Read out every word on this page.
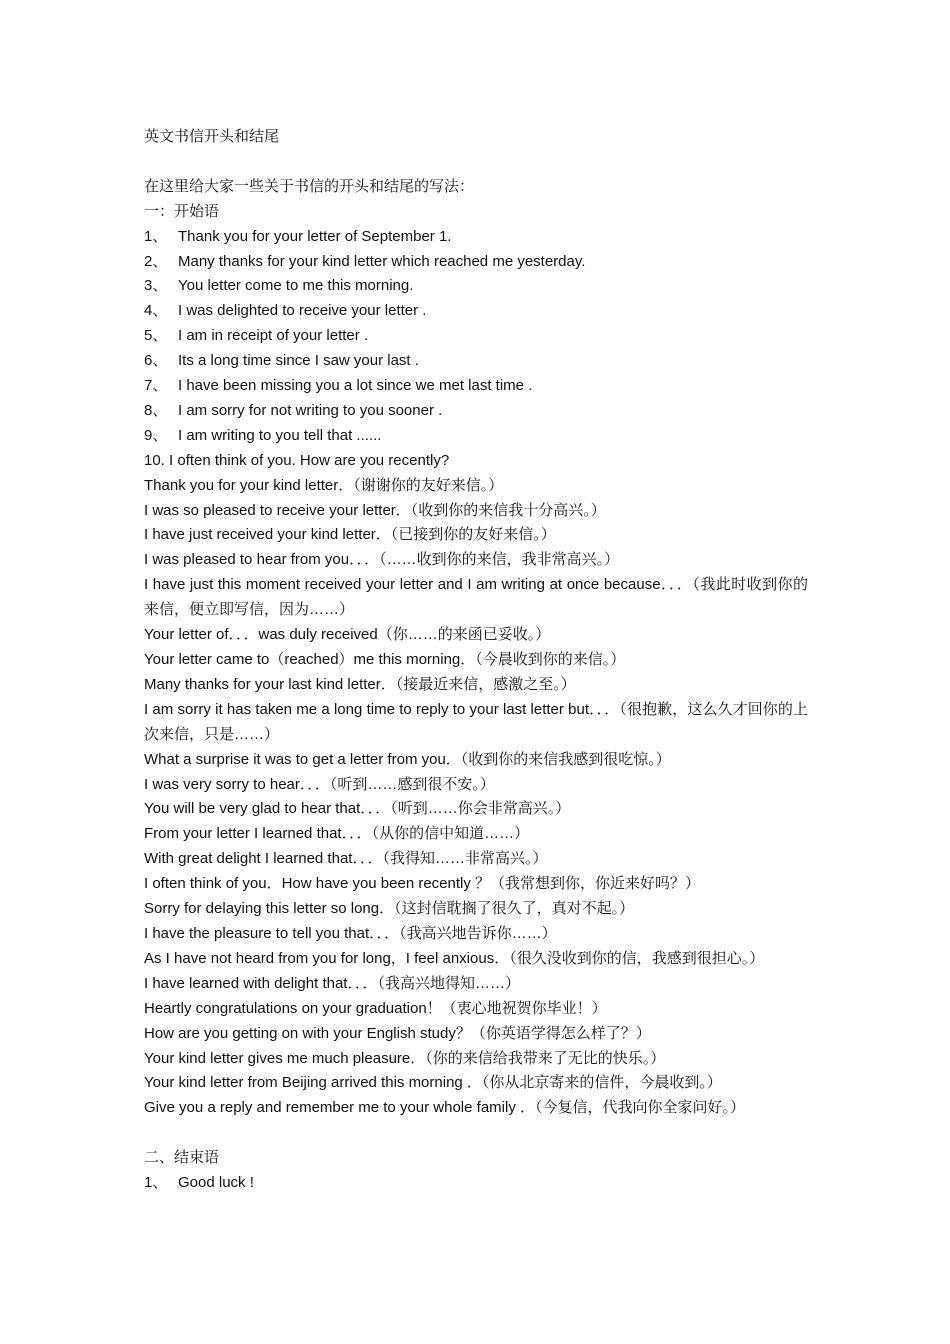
英文书信开头和结尾
在这里给大家一些关于书信的开头和结尾的写法：
一：开始语
1、 Thank you for your letter of September 1.
2、 Many thanks for your kind letter which reached me yesterday.
3、 You letter come to me this morning.
4、 I was delighted to receive your letter .
5、 I am in receipt of your letter .
6、 Its a long time since I saw your last .
7、 I have been missing you a lot since we met last time .
8、 I am sorry for not writing to you sooner .
9、 I am writing to you tell that ......
10. I often think of you. How are you recently?
Thank you for your kind letter．（谢谢你的友好来信。）
I was so pleased to receive your letter．（收到你的来信我十分高兴。）
I have just received your kind letter．（已接到你的友好来信。）
I was pleased to hear from you．．．（……收到你的来信，我非常高兴。）
I have just this moment received your letter and I am writing at once because．．．（我此时收到你的来信，便立即写信，因为……）
Your letter of．．．was duly received（你……的来函已妥收。）
Your letter came to（reached）me this morning．（今晨收到你的来信。）
Many thanks for your last kind letter．（接最近来信，感激之至。）
I am sorry it has taken me a long time to reply to your last letter but．．．（很抱歉，这么久才回你的上次来信，只是……）
What a surprise it was to get a letter from you．（收到你的来信我感到很吃惊。）
I was very sorry to hear．．．（听到……感到很不安。）
You will be very glad to hear that．．．（听到……你会非常高兴。）
From your letter I learned that．．．（从你的信中知道……）
With great delight I learned that．．．（我得知……非常高兴。）
I often think of you．How have you been recently ？（我常想到你，你近来好吗？）
Sorry for delaying this letter so long．（这封信耽搁了很久了，真对不起。）
I have the pleasure to tell you that．．．（我高兴地告诉你……）
As I have not heard from you for long，I feel anxious．（很久没收到你的信，我感到很担心。）
I have learned with delight that．．．（我高兴地得知……）
Heartly congratulations on your graduation！（衷心地祝贺你毕业！）
How are you getting on with your English study？（你英语学得怎么样了？）
Your kind letter gives me much pleasure．（你的来信给我带来了无比的快乐。）
Your kind letter from Beijing arrived this morning ．（你从北京寄来的信件，今晨收到。）
Give you a reply and remember me to your whole family ．（今复信，代我向你全家问好。）
二、结束语
1、 Good luck !
